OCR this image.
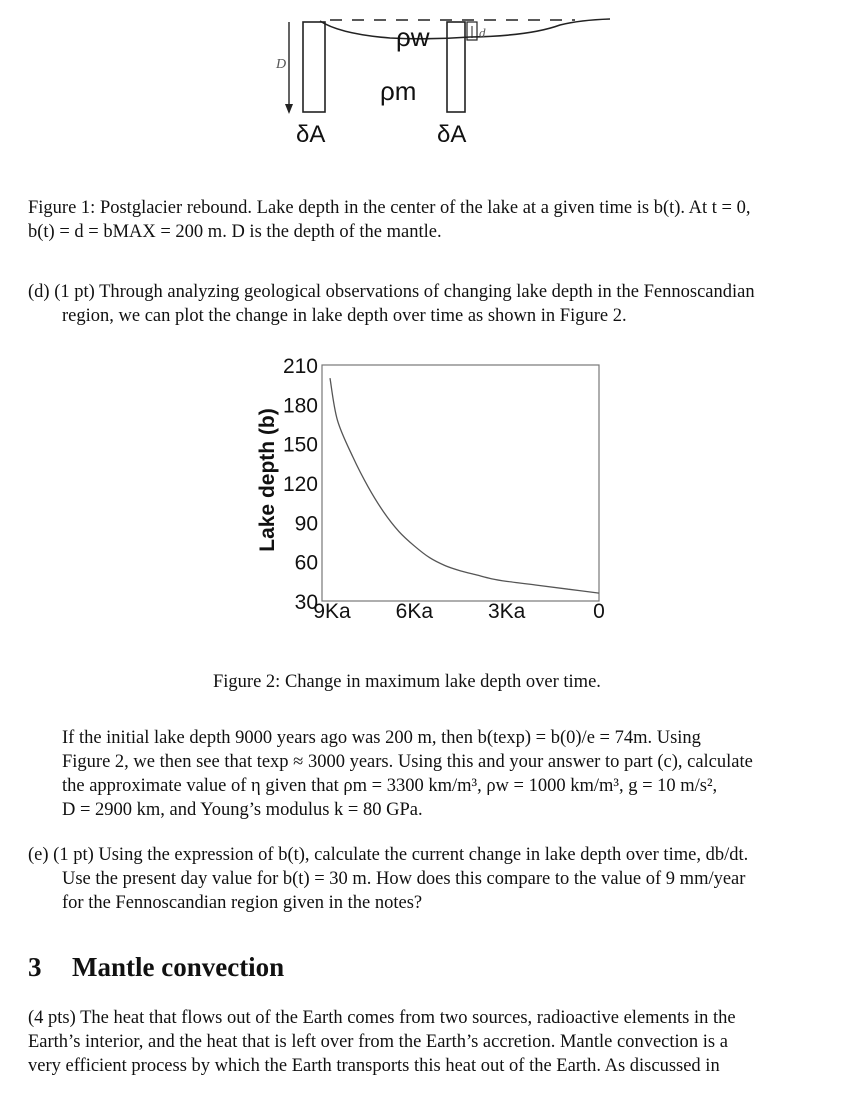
ρw
ρm
d
D
δA	δA
Figure 1: Postglacier rebound. Lake depth in the center of the lake at a given time is b(t). At t = 0,
b(t) = d = bMAX = 200 m. D is the depth of the mantle.
(d) (1 pt) Through analyzing geological observations of changing lake depth in the Fennoscandian
region, we can plot the change in lake depth over time as shown in Figure 2.
Lake depth (b)
210
180
150
120
90
60
30
9Ka 6Ka	3Ka	0
Figure 2: Change in maximum lake depth over time.
If the initial lake depth 9000 years ago was 200 m, then b(texp) = b(0)/e = 74m. Using
Figure 2, we then see that texp ≈ 3000 years. Using this and your answer to part (c), calculate
the approximate value of η given that ρm = 3300 km/m³, ρw = 1000 km/m³, g = 10 m/s²,
D = 2900 km, and Young’s modulus k = 80 GPa.
(e) (1 pt) Using the expression of b(t), calculate the current change in lake depth over time, db/dt.
Use the present day value for b(t) = 30 m. How does this compare to the value of 9 mm/year
for the Fennoscandian region given in the notes?
3 Mantle convection
(4 pts) The heat that flows out of the Earth comes from two sources, radioactive elements in the
Earth’s interior, and the heat that is left over from the Earth’s accretion. Mantle convection is a
very efficient process by which the Earth transports this heat out of the Earth. As discussed in
